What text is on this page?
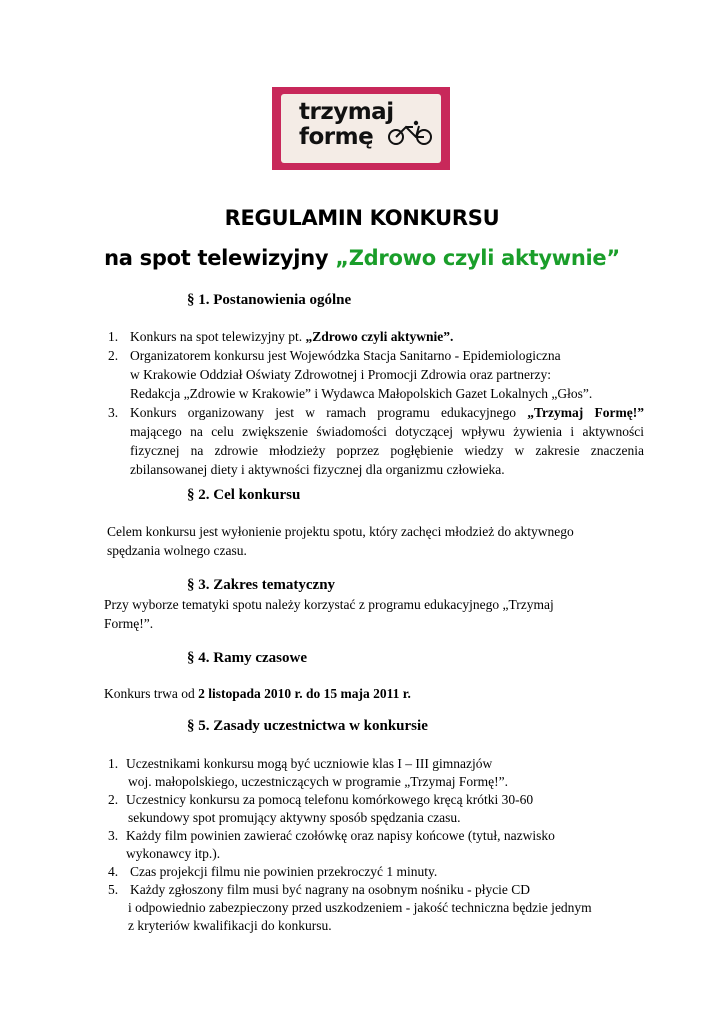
trzymaj
formę
REGULAMIN KONKURSU
na spot telewizyjny „Zdrowo czyli aktywnie”
§ 1. Postanowienia ogólne
1. Konkurs na spot telewizyjny pt. „Zdrowo czyli aktywnie”.
2. Organizatorem konkursu jest Wojewódzka Stacja Sanitarno - Epidemiologiczna
w Krakowie Oddział Oświaty Zdrowotnej i Promocji Zdrowia oraz partnerzy:
Redakcja „Zdrowie w Krakowie” i Wydawca Małopolskich Gazet Lokalnych „Głos”.
3. Konkurs organizowany jest w ramach programu edukacyjnego „Trzymaj Formę!”
mającego na celu zwiększenie świadomości dotyczącej wpływu żywienia i aktywności
fizycznej na zdrowie młodzieży poprzez pogłębienie wiedzy w zakresie znaczenia
zbilansowanej diety i aktywności fizycznej dla organizmu człowieka.
§ 2. Cel konkursu
Celem konkursu jest wyłonienie projektu spotu, który zachęci młodzież do aktywnego
spędzania wolnego czasu.
§ 3. Zakres tematyczny
Przy wyborze tematyki spotu należy korzystać z programu edukacyjnego „Trzymaj
Formę!”.
§ 4. Ramy czasowe
Konkurs trwa od 2 listopada 2010 r. do 15 maja 2011 r.
§ 5. Zasady uczestnictwa w konkursie
1. Uczestnikami konkursu mogą być uczniowie klas I – III gimnazjów
woj. małopolskiego, uczestniczących w programie „Trzymaj Formę!”.
2. Uczestnicy konkursu za pomocą telefonu komórkowego kręcą krótki 30-60
sekundowy spot promujący aktywny sposób spędzania czasu.
3. Każdy film powinien zawierać czołówkę oraz napisy końcowe (tytuł, nazwisko
wykonawcy itp.).
4. Czas projekcji filmu nie powinien przekroczyć 1 minuty.
5. Każdy zgłoszony film musi być nagrany na osobnym nośniku - płycie CD
i odpowiednio zabezpieczony przed uszkodzeniem - jakość techniczna będzie jednym
z kryteriów kwalifikacji do konkursu.
